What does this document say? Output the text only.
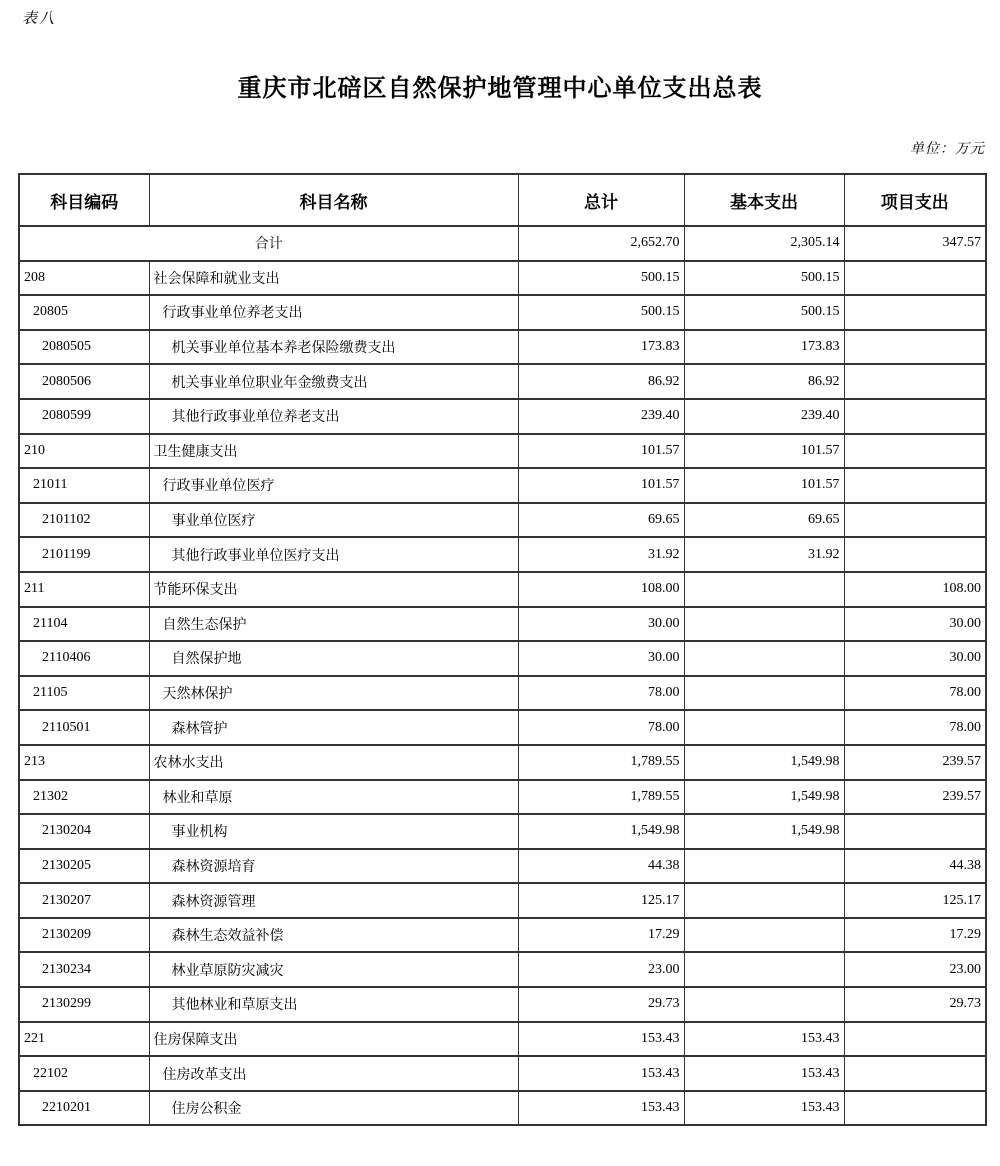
表八
重庆市北碚区自然保护地管理中心单位支出总表
单位：万元
科目编码	科目名称	总计	基本支出	项目支出
合计		2,652.70	2,305.14	347.57
208	社会保障和就业支出	500.15	500.15	
20805	行政事业单位养老支出	500.15	500.15	
2080505	机关事业单位基本养老保险缴费支出	173.83	173.83	
2080506	机关事业单位职业年金缴费支出	86.92	86.92	
2080599	其他行政事业单位养老支出	239.40	239.40	
210	卫生健康支出	101.57	101.57	
21011	行政事业单位医疗	101.57	101.57	
2101102	事业单位医疗	69.65	69.65	
2101199	其他行政事业单位医疗支出	31.92	31.92	
211	节能环保支出	108.00		108.00
21104	自然生态保护	30.00		30.00
2110406	自然保护地	30.00		30.00
21105	天然林保护	78.00		78.00
2110501	森林管护	78.00		78.00
213	农林水支出	1,789.55	1,549.98	239.57
21302	林业和草原	1,789.55	1,549.98	239.57
2130204	事业机构	1,549.98	1,549.98	
2130205	森林资源培育	44.38		44.38
2130207	森林资源管理	125.17		125.17
2130209	森林生态效益补偿	17.29		17.29
2130234	林业草原防灾减灾	23.00		23.00
2130299	其他林业和草原支出	29.73		29.73
221	住房保障支出	153.43	153.43	
22102	住房改革支出	153.43	153.43	
2210201	住房公积金	153.43	153.43	
